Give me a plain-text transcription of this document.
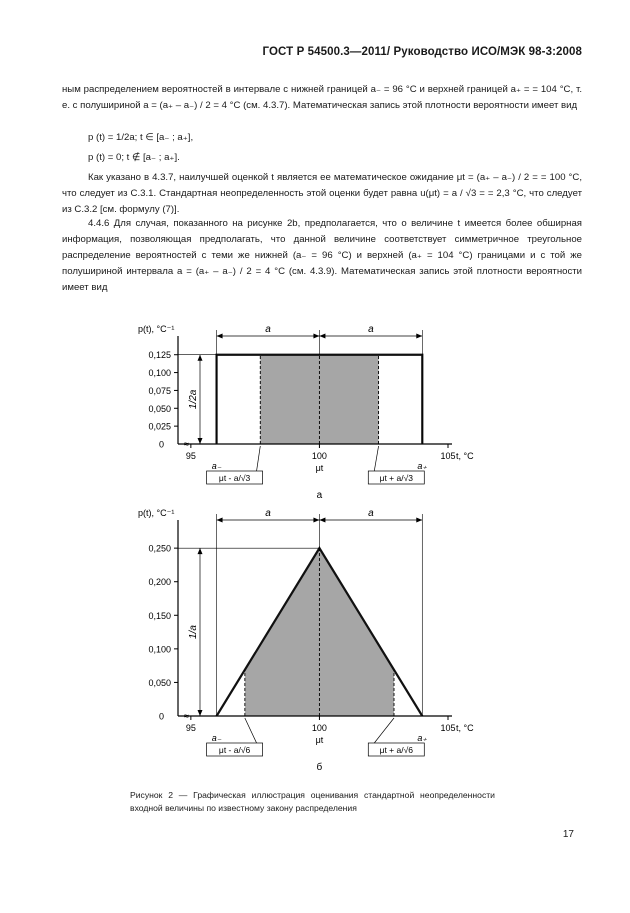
ГОСТ Р 54500.3—2011/ Руководство ИСО/МЭК 98-3:2008

ным распределением вероятностей в интервале с нижней границей a₋ = 96 °C и верхней границей a₊ = = 104 °C, т. е. с полушириной a = (a₊ – a₋) / 2 = 4 °C (см. 4.3.7). Математическая запись этой плотности вероятности имеет вид

p (t) = 1/2a; t ∈ [a₋ ; a₊],
p (t) = 0; t ∉ [a₋ ; a₊].

Как указано в 4.3.7, наилучшей оценкой t является ее математическое ожидание μt = (a₊ – a₋) / 2 = = 100 °C, что следует из С.3.1. Стандартная неопределенность этой оценки будет равна u(μt) = a / √3 = = 2,3 °C, что следует из С.3.2 [см. формулу (7)].

4.4.6 Для случая, показанного на рисунке 2b, предполагается, что о величине t имеется более обширная информация, позволяющая предполагать, что данной величине соответствует симметричное треугольное распределение вероятностей с теми же нижней (a₋ = 96 °C) и верхней (a₊ = 104 °C) границами и с той же полушириной интервала a = (a₊ – a₋) / 2 = 4 °C (см. 4.3.9). Математическая запись этой плотности вероятности имеет вид

≈
0,025
0,050
0,075
0,100
0,125
0
95	100	105 t, °C
p(t), °C⁻¹	a	a
1/2a
a₋	μt	a₊
μt - a/√3	μt + a/√3
а
≈
0,050
0,100
0,150
0,200
0,250
0
95	100	105 t, °C
p(t), °C⁻¹	a	a
1/a
a₋	μt	a₊
μt - a/√6	μt + a/√6
б
Рисунок 2 — Графическая иллюстрация оценивания стандартной неопределенности входной величины по известному закону распределения
17
